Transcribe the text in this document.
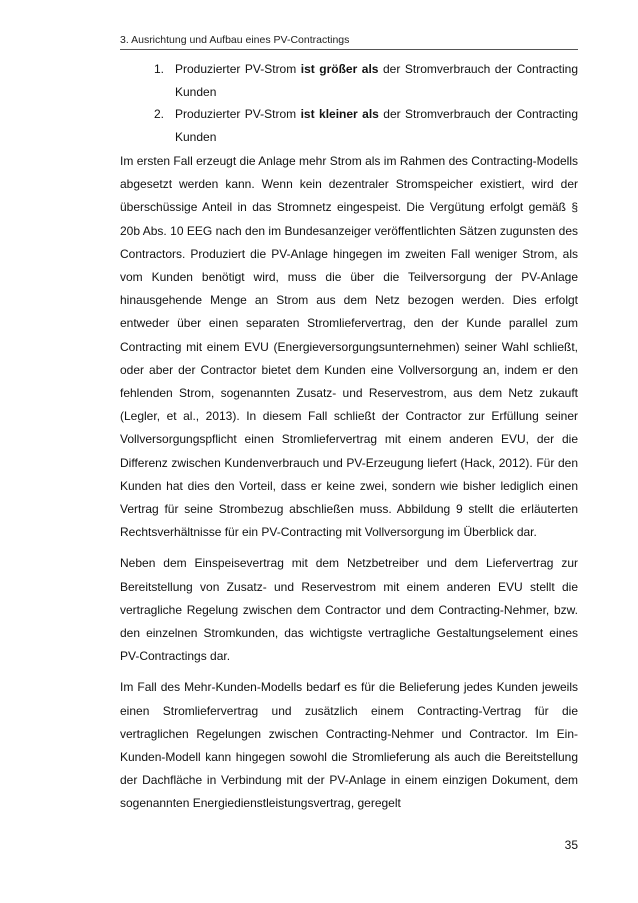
3. Ausrichtung und Aufbau eines PV-Contractings
1. Produzierter PV-Strom ist größer als der Stromverbrauch der Contracting Kunden
2. Produzierter PV-Strom ist kleiner als der Stromverbrauch der Contracting Kunden

Im ersten Fall erzeugt die Anlage mehr Strom als im Rahmen des Contracting-Modells abgesetzt werden kann. Wenn kein dezentraler Stromspeicher existiert, wird der überschüssige Anteil in das Stromnetz eingespeist. Die Vergütung erfolgt gemäß § 20b Abs. 10 EEG nach den im Bundesanzeiger veröffentlichten Sätzen zugunsten des Contractors. Produziert die PV-Anlage hingegen im zweiten Fall weniger Strom, als vom Kunden benötigt wird, muss die über die Teilversorgung der PV-Anlage hinausgehende Menge an Strom aus dem Netz bezogen werden. Dies erfolgt entweder über einen separaten Stromliefervertrag, den der Kunde parallel zum Contracting mit einem EVU (Energieversorgungsunternehmen) seiner Wahl schließt, oder aber der Contractor bietet dem Kunden eine Vollversorgung an, indem er den fehlenden Strom, sogenannten Zusatz- und Reservestrom, aus dem Netz zukauft (Legler, et al., 2013). In diesem Fall schließt der Contractor zur Erfüllung seiner Vollversorgungspflicht einen Stromliefervertrag mit einem anderen EVU, der die Differenz zwischen Kundenverbrauch und PV-Erzeugung liefert (Hack, 2012). Für den Kunden hat dies den Vorteil, dass er keine zwei, sondern wie bisher lediglich einen Vertrag für seine Strombezug abschließen muss. Abbildung 9 stellt die erläuterten Rechtsverhältnisse für ein PV-Contracting mit Vollversorgung im Überblick dar.

Neben dem Einspeisevertrag mit dem Netzbetreiber und dem Liefervertrag zur Bereitstellung von Zusatz- und Reservestrom mit einem anderen EVU stellt die vertragliche Regelung zwischen dem Contractor und dem Contracting-Nehmer, bzw. den einzelnen Stromkunden, das wichtigste vertragliche Gestaltungselement eines PV-Contractings dar.

Im Fall des Mehr-Kunden-Modells bedarf es für die Belieferung jedes Kunden jeweils einen Stromliefervertrag und zusätzlich einem Contracting-Vertrag für die vertraglichen Regelungen zwischen Contracting-Nehmer und Contractor. Im Ein-Kunden-Modell kann hingegen sowohl die Stromlieferung als auch die Bereitstellung der Dachfläche in Verbindung mit der PV-Anlage in einem einzigen Dokument, dem sogenannten Energiedienstleistungsvertrag, geregelt

35
